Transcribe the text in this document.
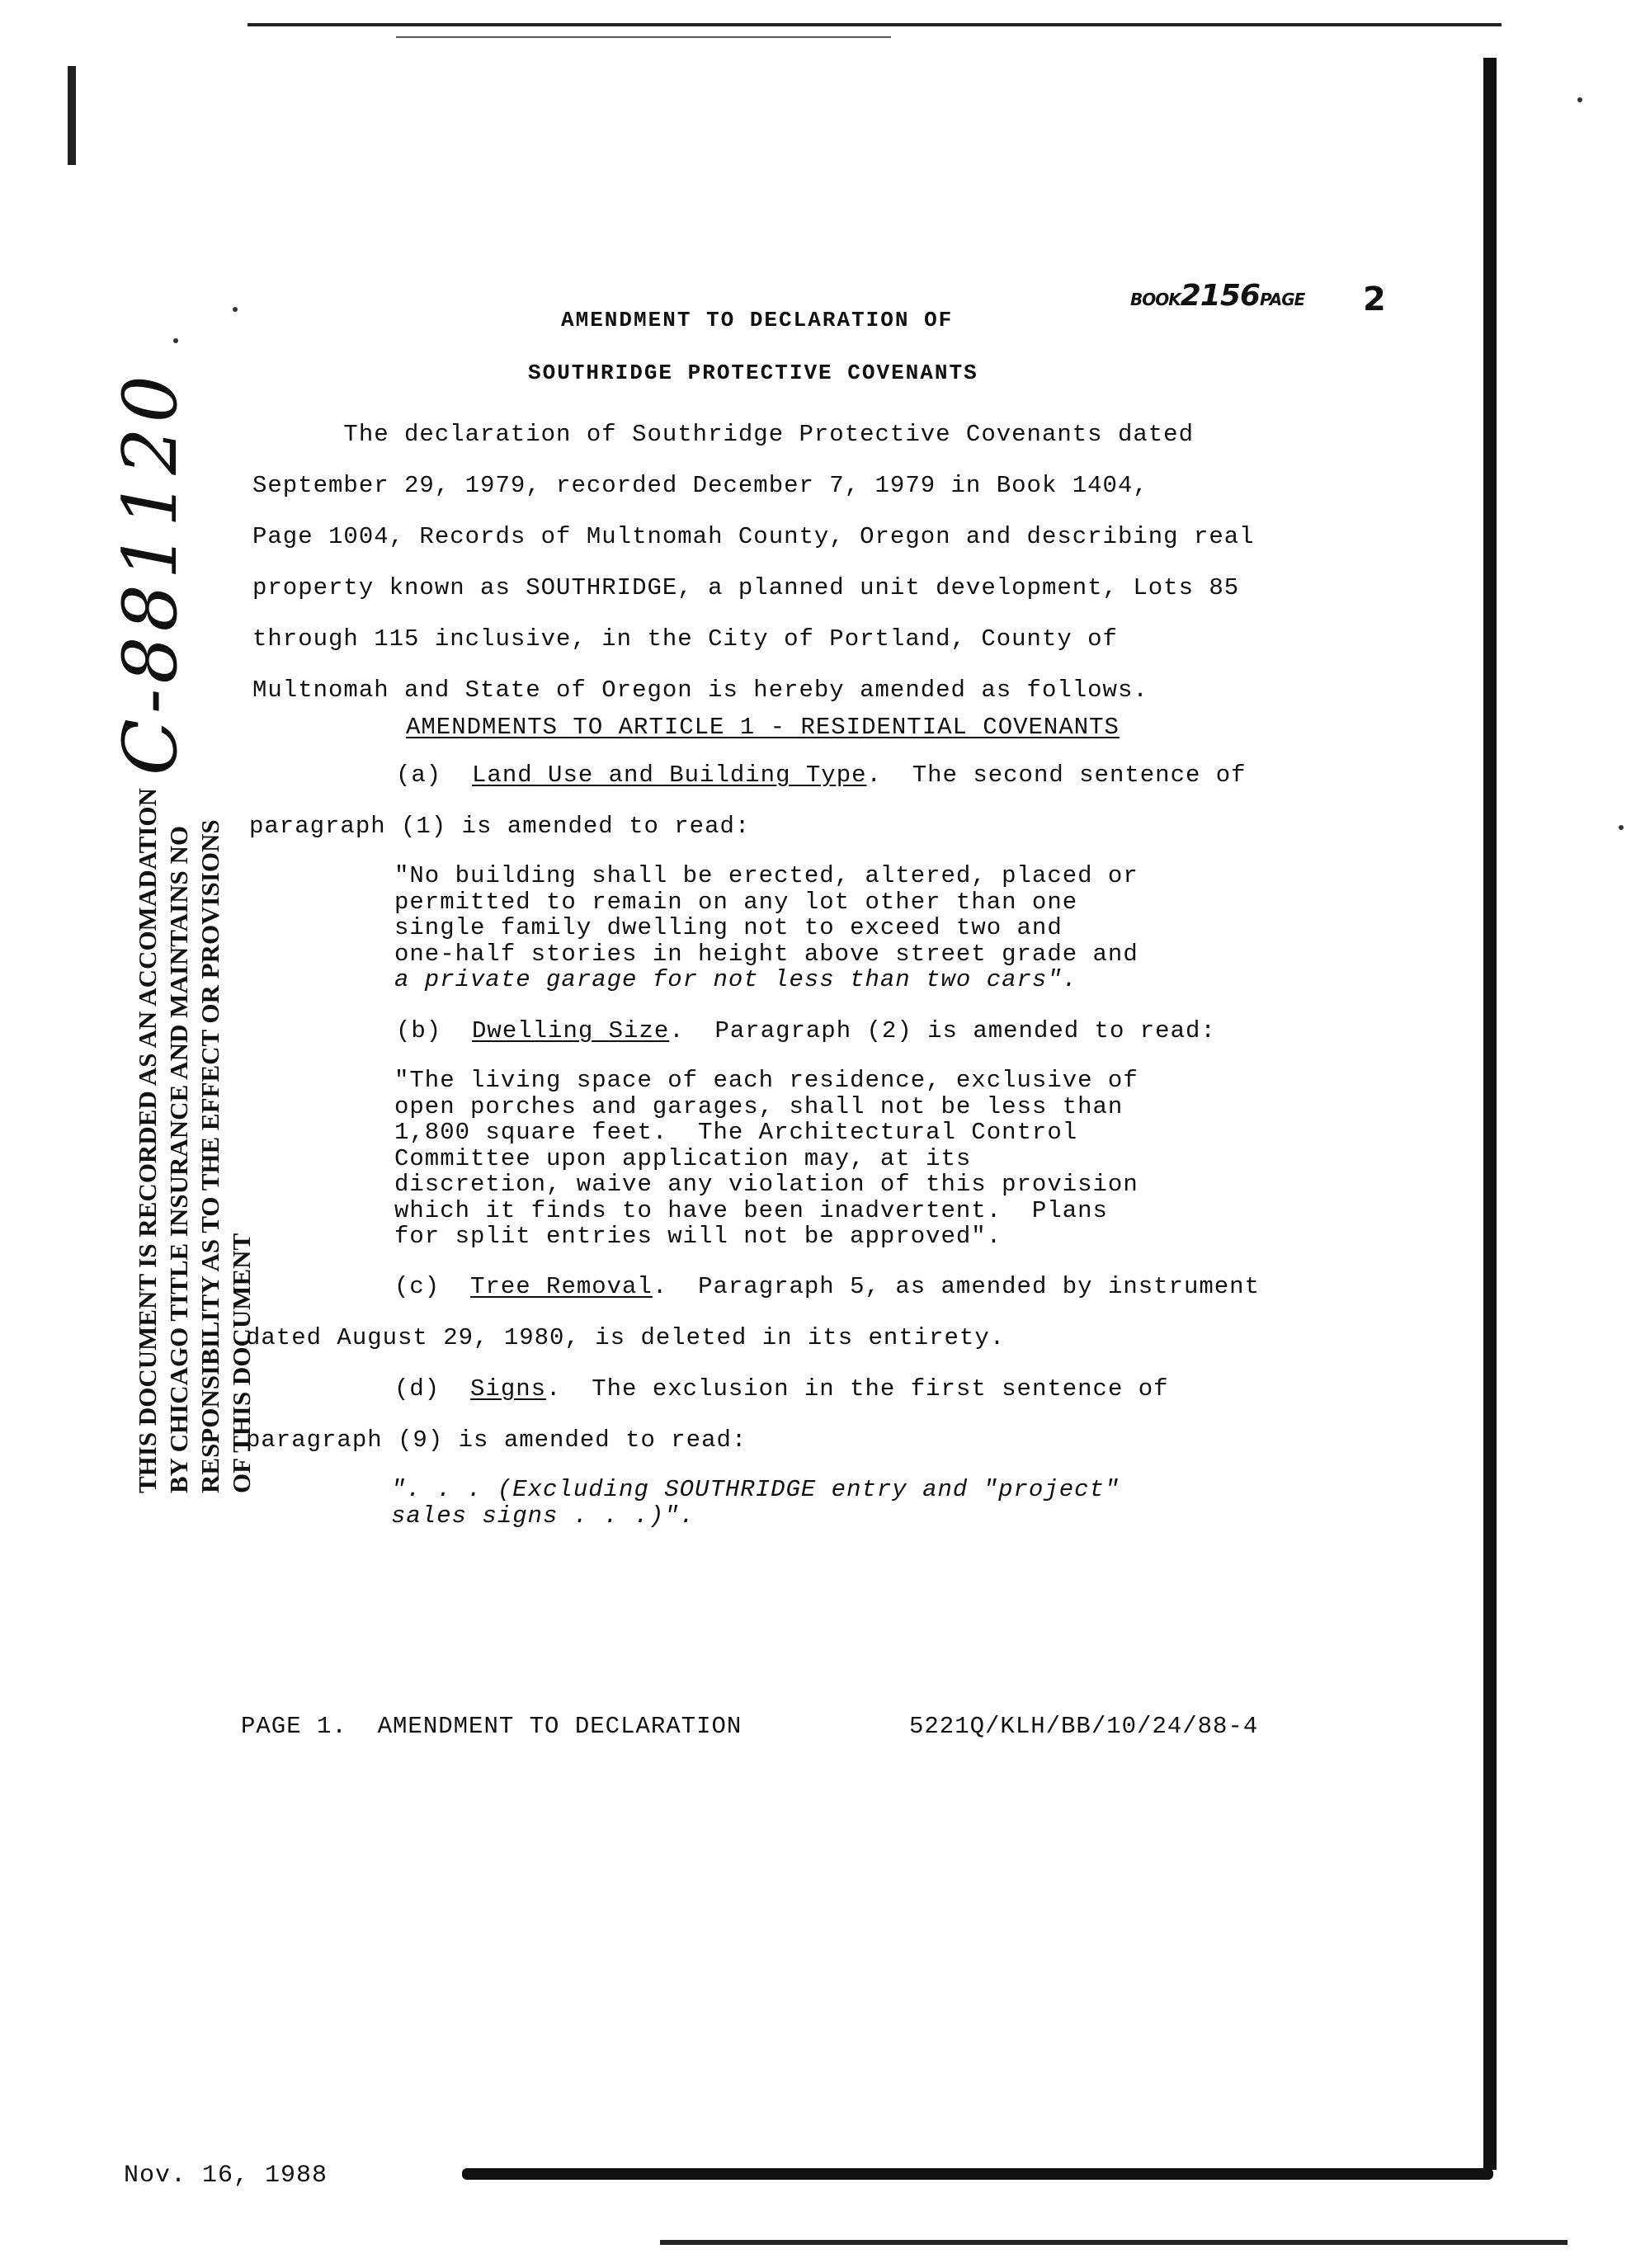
BOOK2156PAGE 2
C-881120
THIS DOCUMENT IS RECORDED AS AN ACCOMADATION BY CHICAGO TITLE INSURANCE AND MAINTAINS NO RESPONSIBILITY AS TO THE EFFECT OR PROVISIONS OF THIS DOCUMENT
AMENDMENT TO DECLARATION OF
SOUTHRIDGE PROTECTIVE COVENANTS
The declaration of Southridge Protective Covenants dated
September 29, 1979, recorded December 7, 1979 in Book 1404,
Page 1004, Records of Multnomah County, Oregon and describing real
property known as SOUTHRIDGE, a planned unit development, Lots 85
through 115 inclusive, in the City of Portland, County of
Multnomah and State of Oregon is hereby amended as follows.
AMENDMENTS TO ARTICLE 1 - RESIDENTIAL COVENANTS
(a) Land Use and Building Type.  The second sentence of
paragraph (1) is amended to read:
"No building shall be erected, altered, placed or
permitted to remain on any lot other than one
single family dwelling not to exceed two and
one-half stories in height above street grade and
a private garage for not less than two cars".
(b) Dwelling Size.  Paragraph (2) is amended to read:
"The living space of each residence, exclusive of
open porches and garages, shall not be less than
1,800 square feet.  The Architectural Control
Committee upon application may, at its
discretion, waive any violation of this provision
which it finds to have been inadvertent.  Plans
for split entries will not be approved".
(c) Tree Removal.  Paragraph 5, as amended by instrument
dated August 29, 1980, is deleted in its entirety.
(d) Signs.  The exclusion in the first sentence of
paragraph (9) is amended to read:
". . . (Excluding SOUTHRIDGE entry and "project"
sales signs . . .)".
PAGE 1.  AMENDMENT TO DECLARATION	5221Q/KLH/BB/10/24/88-4
Nov. 16, 1988
